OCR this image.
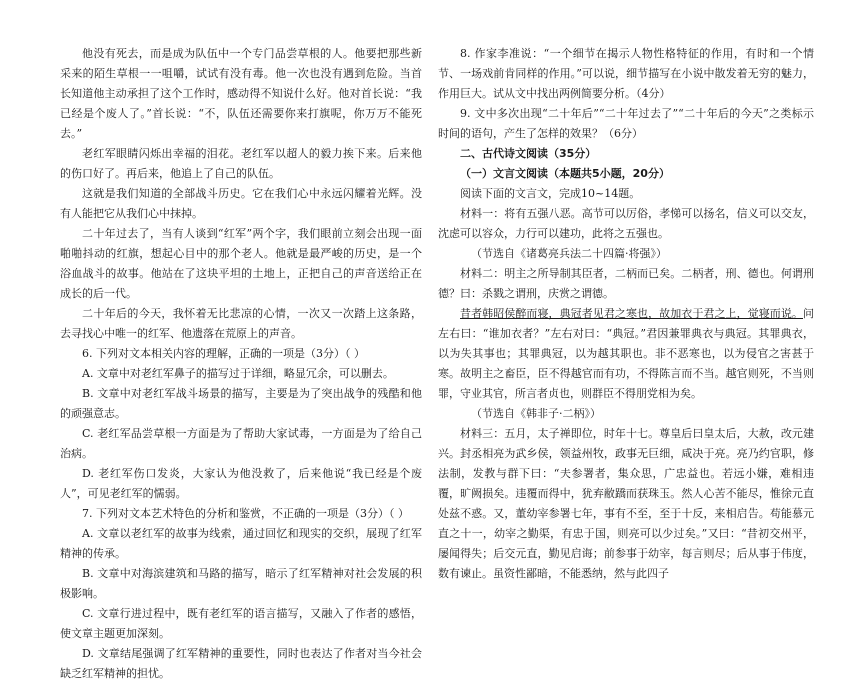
他没有死去，而是成为队伍中一个专门品尝草根的人。他要把那些新采来的陌生草根一一咀嚼，试试有没有毒。他一次也没有遇到危险。当首长知道他主动承担了这个工作时，感动得不知说什么好。他对首长说：“我已经是个废人了。”首长说：“不，队伍还需要你来打旗呢，你万万不能死去。”

老红军眼睛闪烁出幸福的泪花。老红军以超人的毅力挨下来。后来他的伤口好了。再后来，他追上了自己的队伍。

这就是我们知道的全部战斗历史。它在我们心中永远闪耀着光辉。没有人能把它从我们心中抹掉。

二十年过去了，当有人谈到“红军”两个字，我们眼前立刻会出现一面啪啪抖动的红旗，想起心目中的那个老人。他就是最严峻的历史，是一个浴血战斗的故事。他站在了这块平坦的土地上，正把自己的声音送给正在成长的后一代。

二十年后的今天，我怀着无比悲凉的心情，一次又一次踏上这条路，去寻找心中唯一的红军、他遗落在荒原上的声音。

6. 下列对文本相关内容的理解，正确的一项是（3分）（ ）

A. 文章中对老红军鼻子的描写过于详细，略显冗余，可以删去。

B. 文章中对老红军战斗场景的描写，主要是为了突出战争的残酷和他的顽强意志。

C. 老红军品尝草根一方面是为了帮助大家试毒，一方面是为了给自己治病。

D. 老红军伤口发炎，大家认为他没救了，后来他说“我已经是个废人”，可见老红军的懦弱。

7. 下列对文本艺术特色的分析和鉴赏，不正确的一项是（3分）（ ）

A. 文章以老红军的故事为线索，通过回忆和现实的交织，展现了红军精神的传承。

B. 文章中对海滨建筑和马路的描写，暗示了红军精神对社会发展的积极影响。

C. 文章行进过程中，既有老红军的语言描写，又融入了作者的感悟，使文章主题更加深刻。

D. 文章结尾强调了红军精神的重要性，同时也表达了作者对当今社会缺乏红军精神的担忧。

8. 作家李准说：“一个细节在揭示人物性格特征的作用，有时和一个情节、一场戏前肯同样的作用。”可以说，细节描写在小说中散发着无穷的魅力，作用巨大。试从文中找出两例简要分析。（4分）

9. 文中多次出现“二十年后”“二十年过去了”“二十年后的今天”之类标示时间的语句，产生了怎样的效果？（6分）

二、古代诗文阅读（35分）

（一）文言文阅读（本题共5小题，20分）

阅读下面的文言文，完成10~14题。

材料一：将有五强八恶。高节可以厉俗，孝悌可以扬名，信义可以交友，沈虑可以容众，力行可以建功，此将之五强也。

（节选自《诸葛亮兵法二十四篇·将强》）

材料二：明主之所导制其臣者，二柄而已矣。二柄者，刑、德也。何谓刑德？曰：杀戮之谓刑，庆赏之谓德。

昔者韩昭侯醉而寝，典冠者见君之寒也，故加衣于君之上，觉寝而说。问左右曰：“谁加衣者？”左右对曰：“典冠。”君因兼罪典衣与典冠。其罪典衣，以为失其事也；其罪典冠，以为越其职也。非不恶寒也，以为侵官之害甚于寒。故明主之畜臣，臣不得越官而有功，不得陈言而不当。越官则死，不当则罪，守业其官，所言者贞也，则群臣不得朋党相为矣。

（节选自《韩非子·二柄》）

材料三：五月，太子禅即位，时年十七。尊皇后曰皇太后，大赦，改元建兴。封丞相亮为武乡侯，领益州牧，政事无巨细，咸决于亮。亮乃约官职，修法制，发教与群下曰：“夫参署者，集众思，广忠益也。若远小嫌，难相违覆，旷阙损矣。违覆而得中，犹弃敝蹻而获珠玉。然人心苦不能尽，惟徐元直处兹不惑。又，董幼宰参署七年，事有不至，至于十反，来相启告。苟能慕元直之十一，幼宰之勤渠，有忠于国，则亮可以少过矣。”又曰：“昔初交州平，屡闻得失；后交元直，勤见启诲；前参事于幼宰，每言则尽；后从事于伟度，数有谏止。虽资性鄙暗，不能悉纳，然与此四子
